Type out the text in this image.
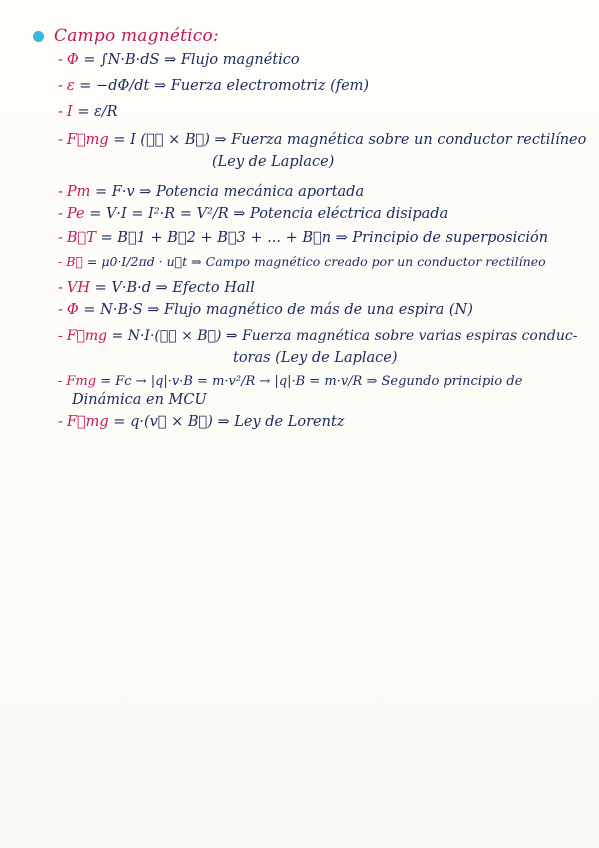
Campo magnético:
- Φ = ∫N·B·dS ⇒ Flujo magnético
- ε = −dΦ/dt ⇒ Fuerza electromotriz (fem)
- I = ε/R
- F⃗mg = I (ℓ⃗ × B⃗) ⇒ Fuerza magnética sobre un conductor rectilíneo
(Ley de Laplace)
- Pm = F·v ⇒ Potencia mecánica aportada
- Pe = V·I = I²·R = V²/R ⇒ Potencia eléctrica disipada
- B⃗T = B⃗1 + B⃗2 + B⃗3 + ... + B⃗n ⇒ Principio de superposición
- B⃗ = μ0·I/2πd · u⃗t ⇒ Campo magnético creado por un conductor rectilíneo
- VH = V·B·d ⇒ Efecto Hall
- Φ = N·B·S ⇒ Flujo magnético de más de una espira (N)
- F⃗mg = N·I·(ℓ⃗ × B⃗) ⇒ Fuerza magnética sobre varias espiras conduc-
toras (Ley de Laplace)
- Fmg = Fc → |q|·v·B = m·v²/R → |q|·B = m·v/R ⇒ Segundo principio de
Dinámica en MCU
- F⃗mg = q·(v⃗ × B⃗) ⇒ Ley de Lorentz
